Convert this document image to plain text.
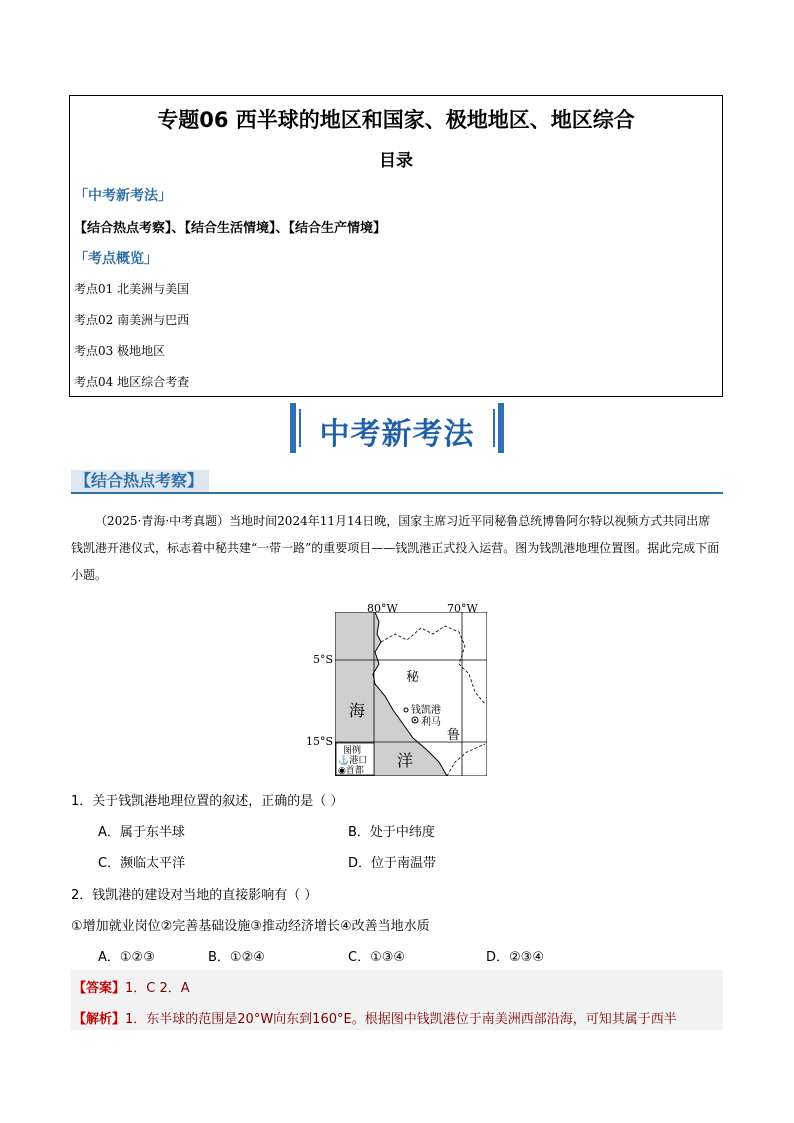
专题06 西半球的地区和国家、极地地区、地区综合
目录
「中考新考法」
【结合热点考察】、【结合生活情境】、【结合生产情境】
「考点概览」
考点01 北美洲与美国
考点02 南美洲与巴西
考点03 极地地区
考点04 地区综合考查
中考新考法
【结合热点考察】
（2025·青海·中考真题）当地时间2024年11月14日晚，国家主席习近平同秘鲁总统博鲁阿尔特以视频方式共同出席钱凯港开港仪式，标志着中秘共建“一带一路”的重要项目——钱凯港正式投入运营。图为钱凯港地理位置图。据此完成下面小题。
80°W	70°W
5°S
15°S
秘
鲁
海
洋
钱凯港
利马
图例
⚓港口
◉首都
1．关于钱凯港地理位置的叙述，正确的是（ ）
A．属于东半球	B．处于中纬度
C．濒临太平洋	D．位于南温带
2．钱凯港的建设对当地的直接影响有（ ）
①增加就业岗位②完善基础设施③推动经济增长④改善当地水质
A．①②③	B．①②④	C．①③④	D．②③④
【答案】1．C 2．A
【解析】1．东半球的范围是20°W向东到160°E。根据图中钱凯港位于南美洲西部沿海，可知其属于西半
